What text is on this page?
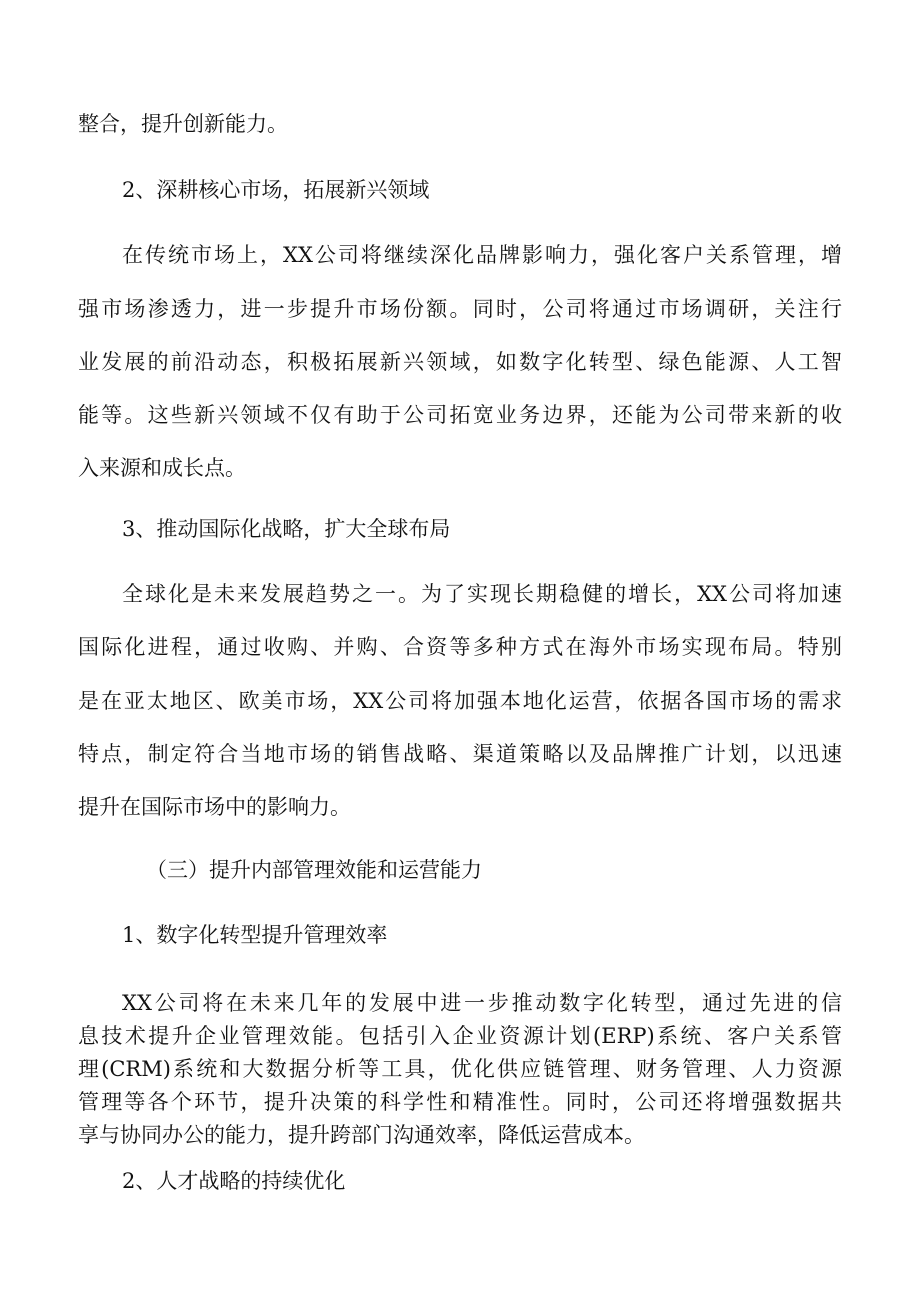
整合，提升创新能力。

2、深耕核心市场，拓展新兴领域

在传统市场上，XX公司将继续深化品牌影响力，强化客户关系管理，增

强市场渗透力，进一步提升市场份额。同时，公司将通过市场调研，关注行

业发展的前沿动态，积极拓展新兴领域，如数字化转型、绿色能源、人工智

能等。这些新兴领域不仅有助于公司拓宽业务边界，还能为公司带来新的收

入来源和成长点。

3、推动国际化战略，扩大全球布局

全球化是未来发展趋势之一。为了实现长期稳健的增长，XX公司将加速

国际化进程，通过收购、并购、合资等多种方式在海外市场实现布局。特别

是在亚太地区、欧美市场，XX公司将加强本地化运营，依据各国市场的需求

特点，制定符合当地市场的销售战略、渠道策略以及品牌推广计划，以迅速

提升在国际市场中的影响力。

（三）提升内部管理效能和运营能力

1、数字化转型提升管理效率

XX公司将在未来几年的发展中进一步推动数字化转型，通过先进的信

息技术提升企业管理效能。包括引入企业资源计划(ERP)系统、客户关系管

理(CRM)系统和大数据分析等工具，优化供应链管理、财务管理、人力资源

管理等各个环节，提升决策的科学性和精准性。同时，公司还将增强数据共

享与协同办公的能力，提升跨部门沟通效率，降低运营成本。

2、人才战略的持续优化
